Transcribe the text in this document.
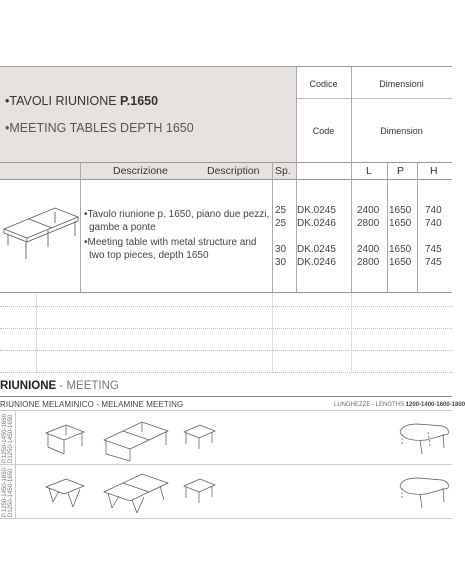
•TAVOLI RIUNIONE P.1650
•MEETING TABLES DEPTH 1650
Codice	Dimensioni
Code	Dimension
Descrizione	Description Sp.	L P H
•Tavolo riunione p. 1650, piano due pezzi,
gambe a ponte
•Meeting table with metal structure and
two top pieces, depth 1650
25 DK.0245 2400 1650 740
25 DK.0246 2800 1650 740
30 DK.0245 2400 1650 745
30 DK.0246 2800 1650 745
RIUNIONE - MEETING
RIUNIONE MELAMINICO - MELAMINE MEETING	LUNGHEZZE - LENGTHS 1200-1400-1600-1800
P.1250-1450-1650 D1250-1450-1650
P.1250-1450-1650 D1250-1450-1650
